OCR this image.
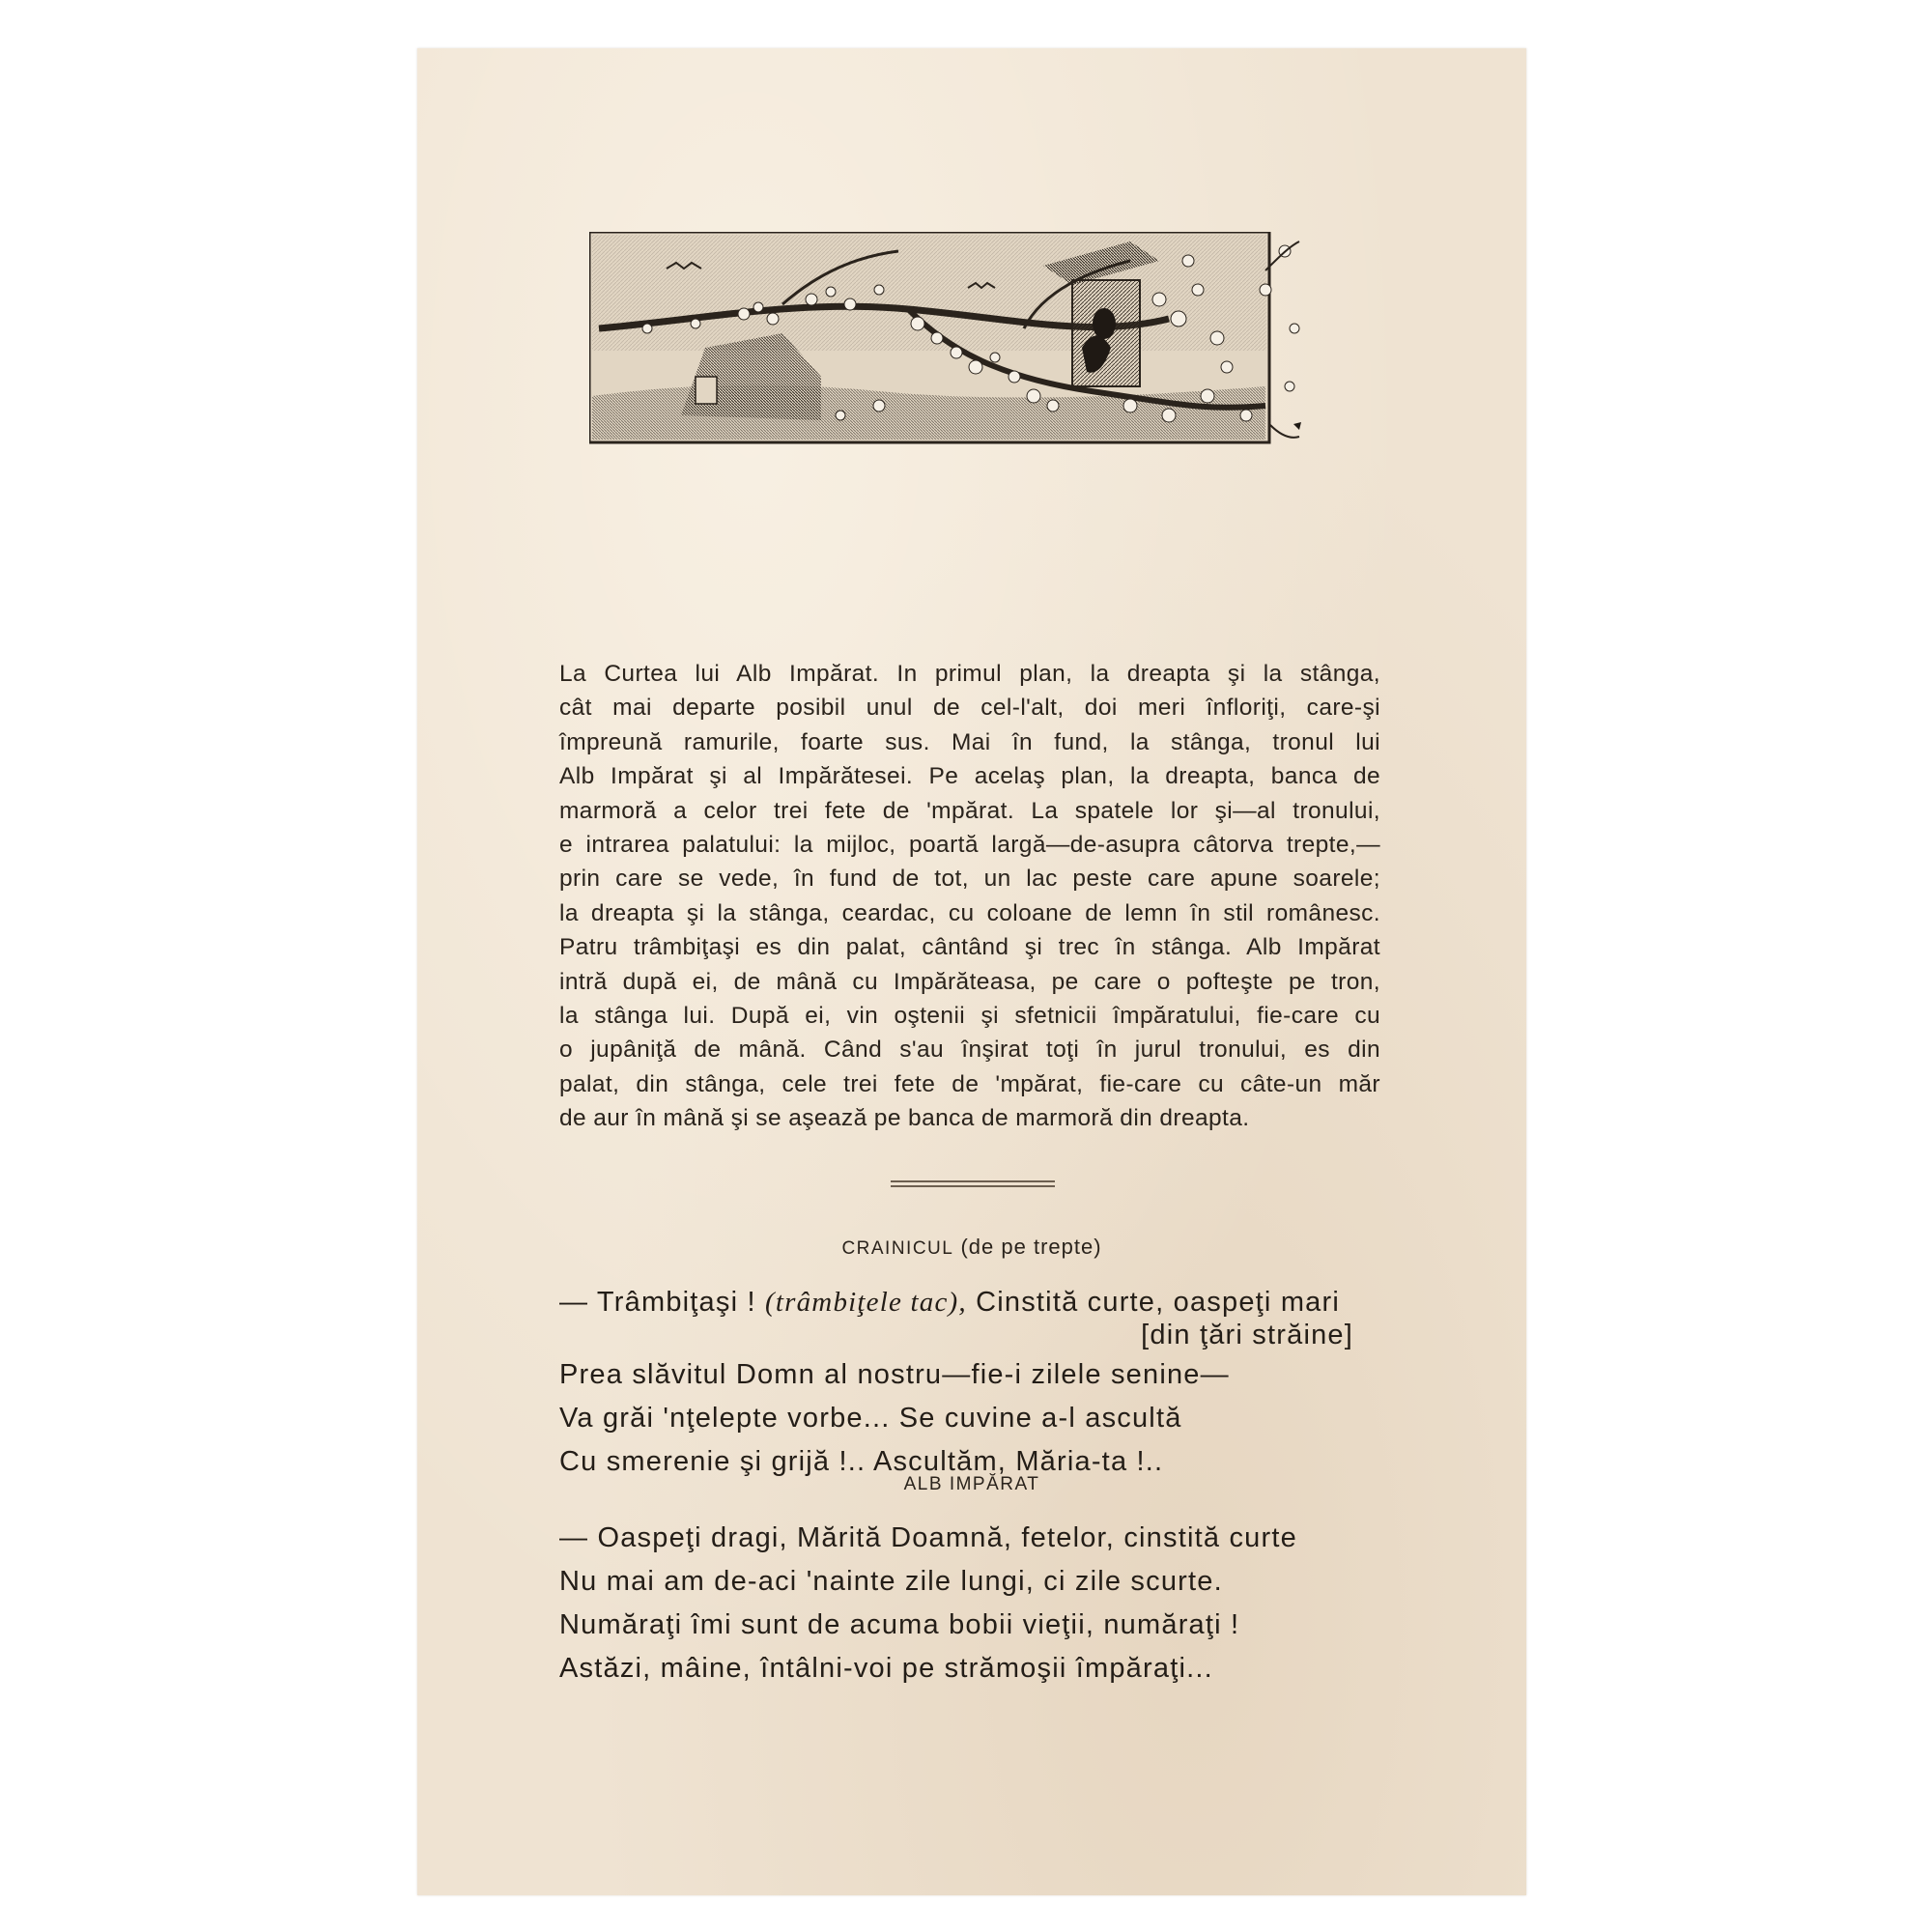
La Curtea lui Alb Impărat. In primul plan, la dreapta şi la stânga,
cât mai departe posibil unul de cel-l'alt, doi meri înfloriţi, care-şi
împreună ramurile, foarte sus. Mai în fund, la stânga, tronul lui
Alb Impărat şi al Impărătesei. Pe acelaş plan, la dreapta, banca de
marmoră a celor trei fete de 'mpărat. La spatele lor şi—al tronului,
e intrarea palatului: la mijloc, poartă largă—de-asupra câtorva trepte,—
prin care se vede, în fund de tot, un lac peste care apune soarele;
la dreapta şi la stânga, ceardac, cu coloane de lemn în stil românesc.
Patru trâmbiţaşi es din palat, cântând şi trec în stânga. Alb Impărat
intră după ei, de mână cu Impărăteasa, pe care o pofteşte pe tron,
la stânga lui. După ei, vin oştenii şi sfetnicii împăratului, fie-care cu
o jupâniţă de mână. Când s'au înşirat toţi în jurul tronului, es din
palat, din stânga, cele trei fete de 'mpărat, fie-care cu câte-un măr
de aur în mână şi se aşează pe banca de marmoră din dreapta.
CRAINICUL (de pe trepte)
— Trâmbiţaşi ! (trâmbiţele tac), Cinstită curte, oaspeţi mari
[din ţări străine]
Prea slăvitul Domn al nostru—fie-i zilele senine—
Va grăi 'nţelepte vorbe... Se cuvine a-l ascultă
Cu smerenie şi grijă !.. Ascultăm, Măria-ta !..
ALB IMPĂRAT
— Oaspeţi dragi, Mărită Doamnă, fetelor, cinstită curte
Nu mai am de-aci 'nainte zile lungi, ci zile scurte.
Număraţi îmi sunt de acuma bobii vieţii, număraţi !
Astăzi, mâine, întâlni-voi pe strămoşii împăraţi...
